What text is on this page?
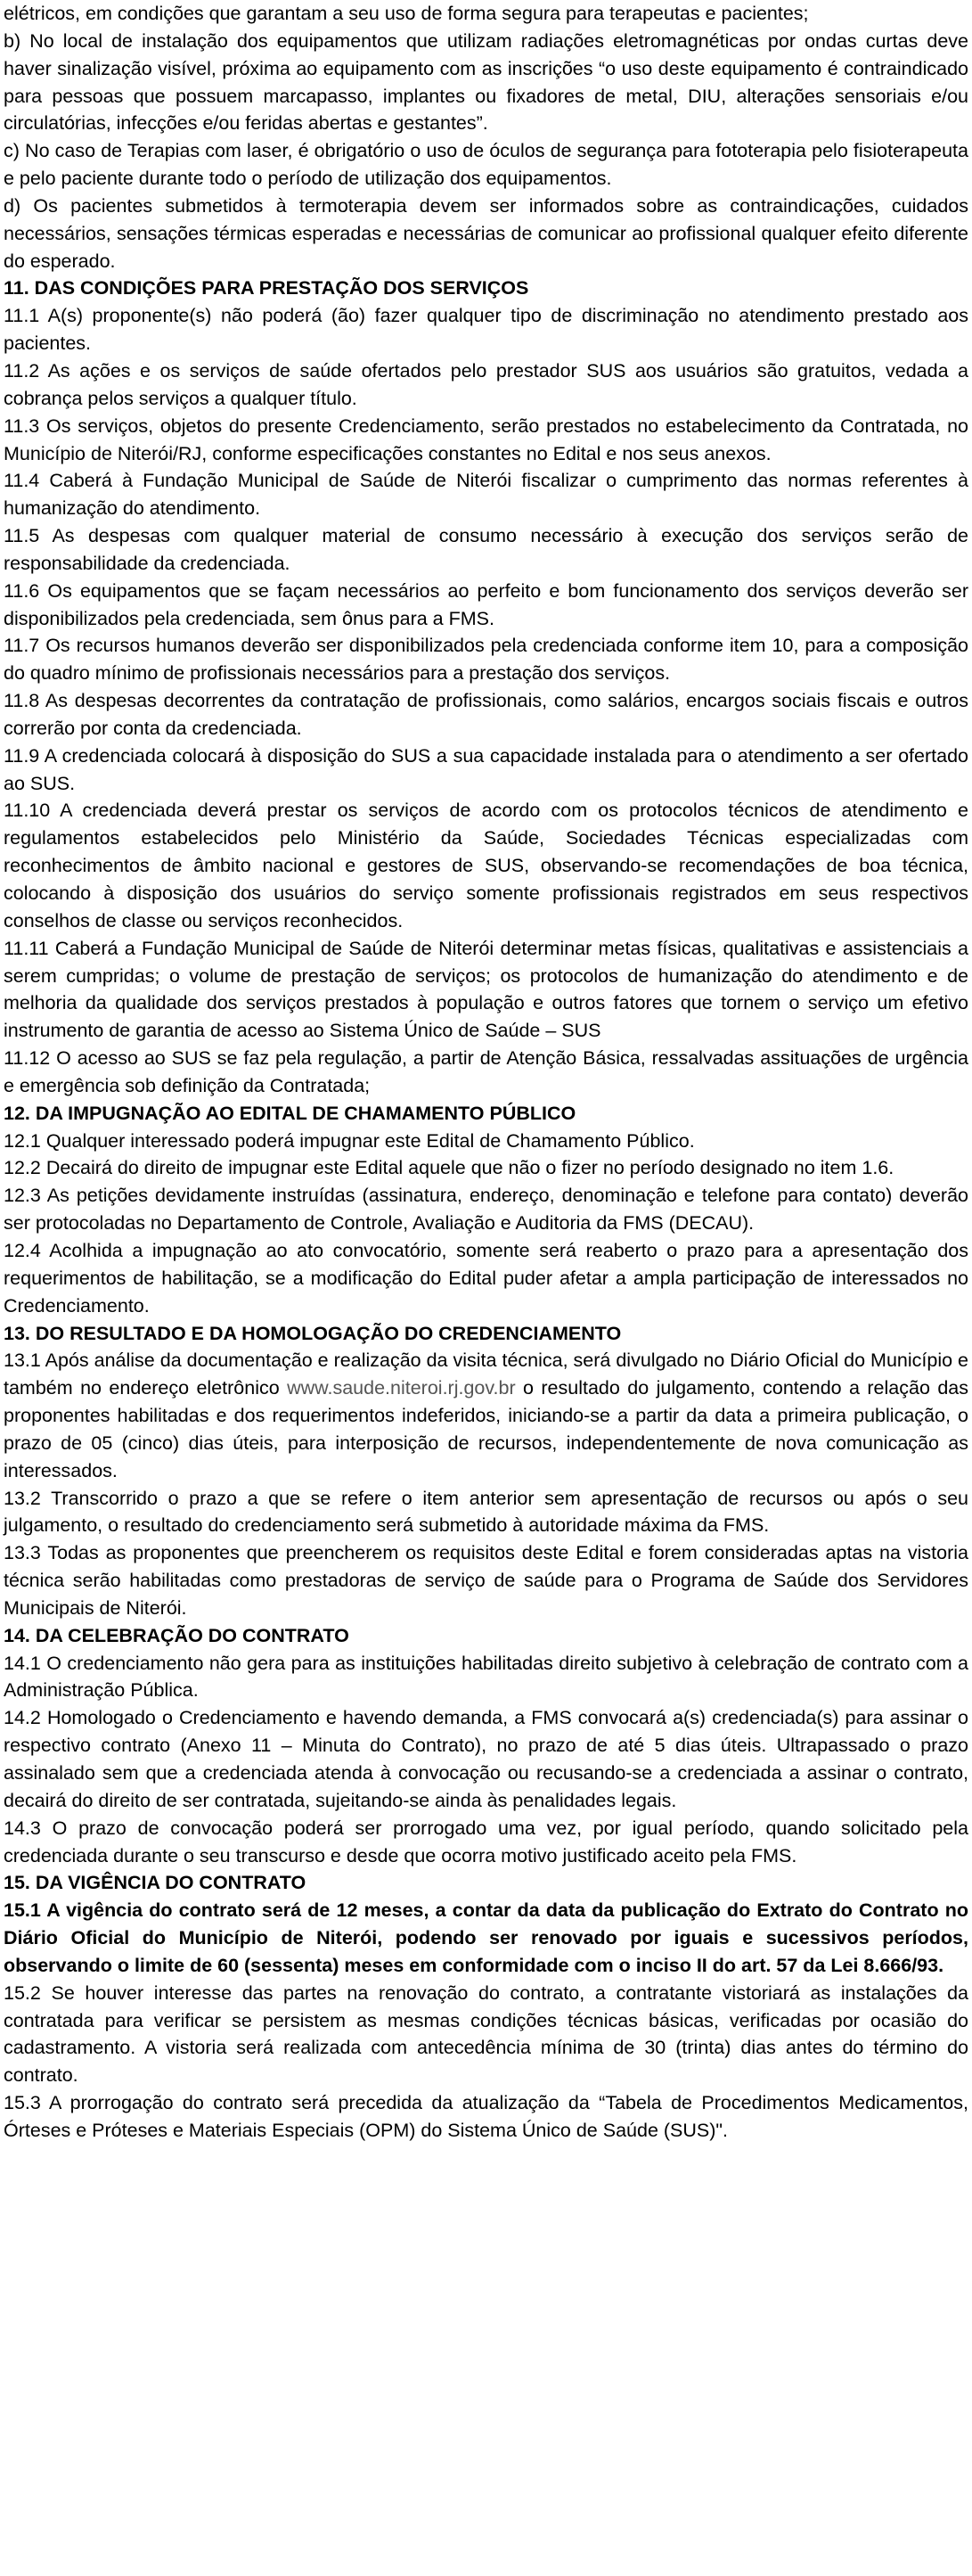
elétricos, em condições que garantam a seu uso de forma segura para terapeutas e pacientes;

b) No local de instalação dos equipamentos que utilizam radiações eletromagnéticas por ondas curtas deve haver sinalização visível, próxima ao equipamento com as inscrições “o uso deste equipamento é contraindicado para pessoas que possuem marcapasso, implantes ou fixadores de metal, DIU, alterações sensoriais e/ou circulatórias, infecções e/ou feridas abertas e gestantes”.

c) No caso de Terapias com laser, é obrigatório o uso de óculos de segurança para fototerapia pelo fisioterapeuta e pelo paciente durante todo o período de utilização dos equipamentos.

d) Os pacientes submetidos à termoterapia devem ser informados sobre as contraindicações, cuidados necessários, sensações térmicas esperadas e necessárias de comunicar ao profissional qualquer efeito diferente do esperado.

11. DAS CONDIÇÕES PARA PRESTAÇÃO DOS SERVIÇOS

11.1 A(s) proponente(s) não poderá (ão) fazer qualquer tipo de discriminação no atendimento prestado aos pacientes.

11.2 As ações e os serviços de saúde ofertados pelo prestador SUS aos usuários são gratuitos, vedada a cobrança pelos serviços a qualquer título.

11.3 Os serviços, objetos do presente Credenciamento, serão prestados no estabelecimento da Contratada, no Município de Niterói/RJ, conforme especificações constantes no Edital e nos seus anexos.

11.4 Caberá à Fundação Municipal de Saúde de Niterói fiscalizar o cumprimento das normas referentes à humanização do atendimento.

11.5 As despesas com qualquer material de consumo necessário à execução dos serviços serão de responsabilidade da credenciada.

11.6 Os equipamentos que se façam necessários ao perfeito e bom funcionamento dos serviços deverão ser disponibilizados pela credenciada, sem ônus para a FMS.

11.7 Os recursos humanos deverão ser disponibilizados pela credenciada conforme item 10, para a composição do quadro mínimo de profissionais necessários para a prestação dos serviços.

11.8 As despesas decorrentes da contratação de profissionais, como salários, encargos sociais fiscais e outros correrão por conta da credenciada.

11.9 A credenciada colocará à disposição do SUS a sua capacidade instalada para o atendimento a ser ofertado ao SUS.

11.10 A credenciada deverá prestar os serviços de acordo com os protocolos técnicos de atendimento e regulamentos estabelecidos pelo Ministério da Saúde, Sociedades Técnicas especializadas com reconhecimentos de âmbito nacional e gestores de SUS, observando-se recomendações de boa técnica, colocando à disposição dos usuários do serviço somente profissionais registrados em seus respectivos conselhos de classe ou serviços reconhecidos.

11.11 Caberá a Fundação Municipal de Saúde de Niterói determinar metas físicas, qualitativas e assistenciais a serem cumpridas; o volume de prestação de serviços; os protocolos de humanização do atendimento e de melhoria da qualidade dos serviços prestados à população e outros fatores que tornem o serviço um efetivo instrumento de garantia de acesso ao Sistema Único de Saúde – SUS

11.12 O acesso ao SUS se faz pela regulação, a partir de Atenção Básica, ressalvadas assituações de urgência e emergência sob definição da Contratada;

12. DA IMPUGNAÇÃO AO EDITAL DE CHAMAMENTO PÚBLICO

12.1 Qualquer interessado poderá impugnar este Edital de Chamamento Público.

12.2 Decairá do direito de impugnar este Edital aquele que não o fizer no período designado no item 1.6.

12.3 As petições devidamente instruídas (assinatura, endereço, denominação e telefone para contato) deverão ser protocoladas no Departamento de Controle, Avaliação e Auditoria da FMS (DECAU).

12.4 Acolhida a impugnação ao ato convocatório, somente será reaberto o prazo para a apresentação dos requerimentos de habilitação, se a modificação do Edital puder afetar a ampla participação de interessados no Credenciamento.

13. DO RESULTADO E DA HOMOLOGAÇÃO DO CREDENCIAMENTO

13.1 Após análise da documentação e realização da visita técnica, será divulgado no Diário Oficial do Município e também no endereço eletrônico www.saude.niteroi.rj.gov.br o resultado do julgamento, contendo a relação das proponentes habilitadas e dos requerimentos indeferidos, iniciando-se a partir da data a primeira publicação, o prazo de 05 (cinco) dias úteis, para interposição de recursos, independentemente de nova comunicação as interessados.

13.2 Transcorrido o prazo a que se refere o item anterior sem apresentação de recursos ou após o seu julgamento, o resultado do credenciamento será submetido à autoridade máxima da FMS.

13.3 Todas as proponentes que preencherem os requisitos deste Edital e forem consideradas aptas na vistoria técnica serão habilitadas como prestadoras de serviço de saúde para o Programa de Saúde dos Servidores Municipais de Niterói.

14. DA CELEBRAÇÃO DO CONTRATO

14.1 O credenciamento não gera para as instituições habilitadas direito subjetivo à celebração de contrato com a Administração Pública.

14.2 Homologado o Credenciamento e havendo demanda, a FMS convocará a(s) credenciada(s) para assinar o respectivo contrato (Anexo 11 – Minuta do Contrato), no prazo de até 5 dias úteis. Ultrapassado o prazo assinalado sem que a credenciada atenda à convocação ou recusando-se a credenciada a assinar o contrato, decairá do direito de ser contratada, sujeitando-se ainda às penalidades legais.

14.3 O prazo de convocação poderá ser prorrogado uma vez, por igual período, quando solicitado pela credenciada durante o seu transcurso e desde que ocorra motivo justificado aceito pela FMS.

15. DA VIGÊNCIA DO CONTRATO

15.1 A vigência do contrato será de 12 meses, a contar da data da publicação do Extrato do Contrato no Diário Oficial do Município de Niterói, podendo ser renovado por iguais e sucessivos períodos, observando o limite de 60 (sessenta) meses em conformidade com o inciso II do art. 57 da Lei 8.666/93.

15.2 Se houver interesse das partes na renovação do contrato, a contratante vistoriará as instalações da contratada para verificar se persistem as mesmas condições técnicas básicas, verificadas por ocasião do cadastramento. A vistoria será realizada com antecedência mínima de 30 (trinta) dias antes do término do contrato.

15.3 A prorrogação do contrato será precedida da atualização da “Tabela de Procedimentos Medicamentos, Órteses e Próteses e Materiais Especiais (OPM) do Sistema Único de Saúde (SUS)".
